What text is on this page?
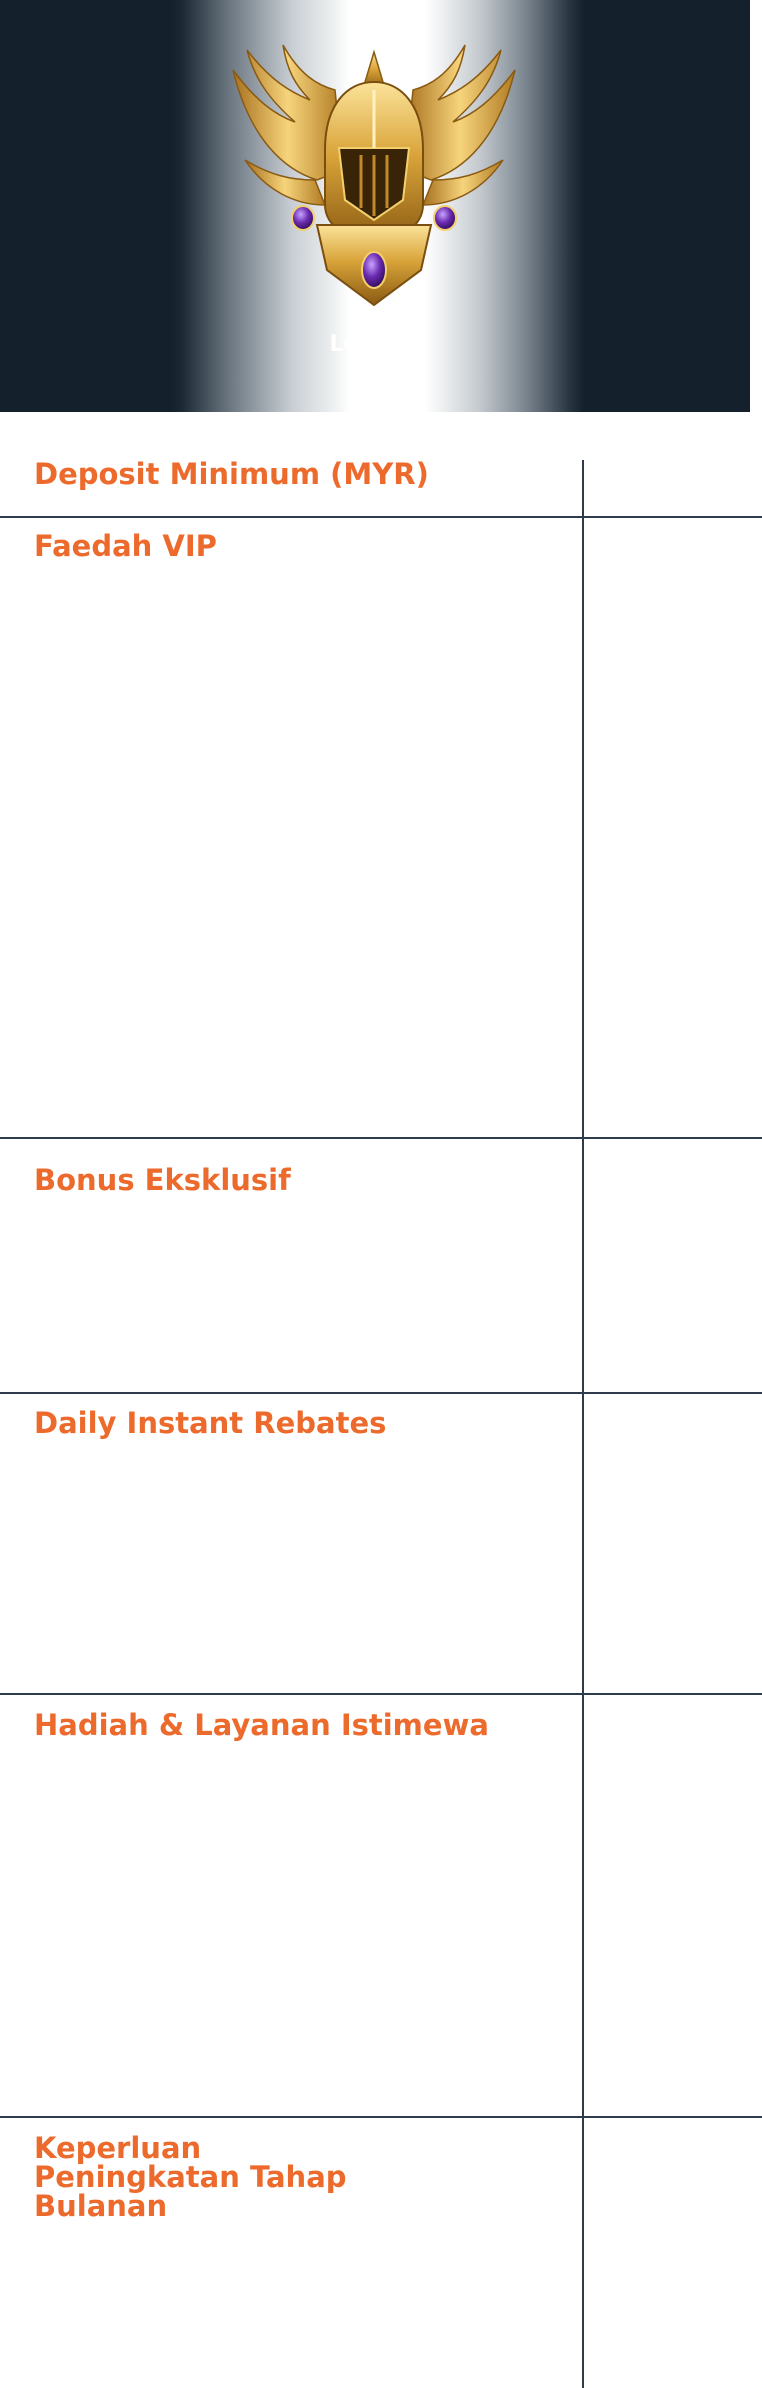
Legend
Deposit Minimum (MYR)
Faedah VIP
Bonus Eksklusif
Daily Instant Rebates
Hadiah & Layanan Istimewa
Keperluan Peningkatan Tahap Bulanan
